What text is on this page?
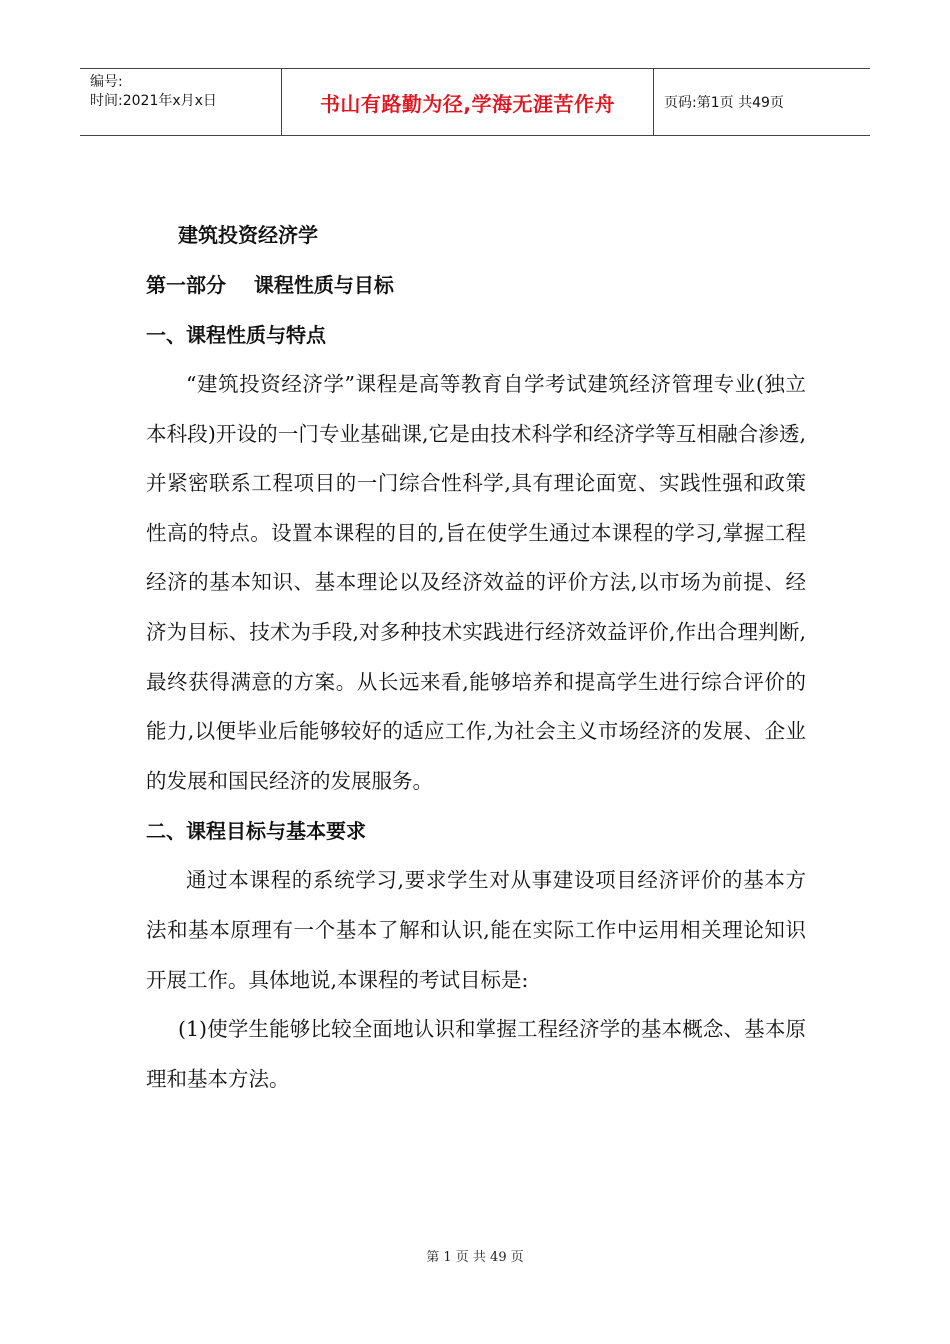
编号:
时间:2021年x月x日	书山有路勤为径,学海无涯苦作舟	页码:第1页 共49页
建筑投资经济学
第一部分    课程性质与目标
一、课程性质与特点

“建筑投资经济学”课程是高等教育自学考试建筑经济管理专业(独立本科段)开设的一门专业基础课,它是由技术科学和经济学等互相融合渗透,并紧密联系工程项目的一门综合性科学,具有理论面宽、实践性强和政策性高的特点。设置本课程的目的,旨在使学生通过本课程的学习,掌握工程经济的基本知识、基本理论以及经济效益的评价方法,以市场为前提、经济为目标、技术为手段,对多种技术实践进行经济效益评价,作出合理判断,最终获得满意的方案。从长远来看,能够培养和提高学生进行综合评价的能力,以便毕业后能够较好的适应工作,为社会主义市场经济的发展、企业的发展和国民经济的发展服务。

二、课程目标与基本要求

通过本课程的系统学习,要求学生对从事建设项目经济评价的基本方法和基本原理有一个基本了解和认识,能在实际工作中运用相关理论知识开展工作。具体地说,本课程的考试目标是:

(1)使学生能够比较全面地认识和掌握工程经济学的基本概念、基本原理和基本方法。

第 1 页 共 49 页
